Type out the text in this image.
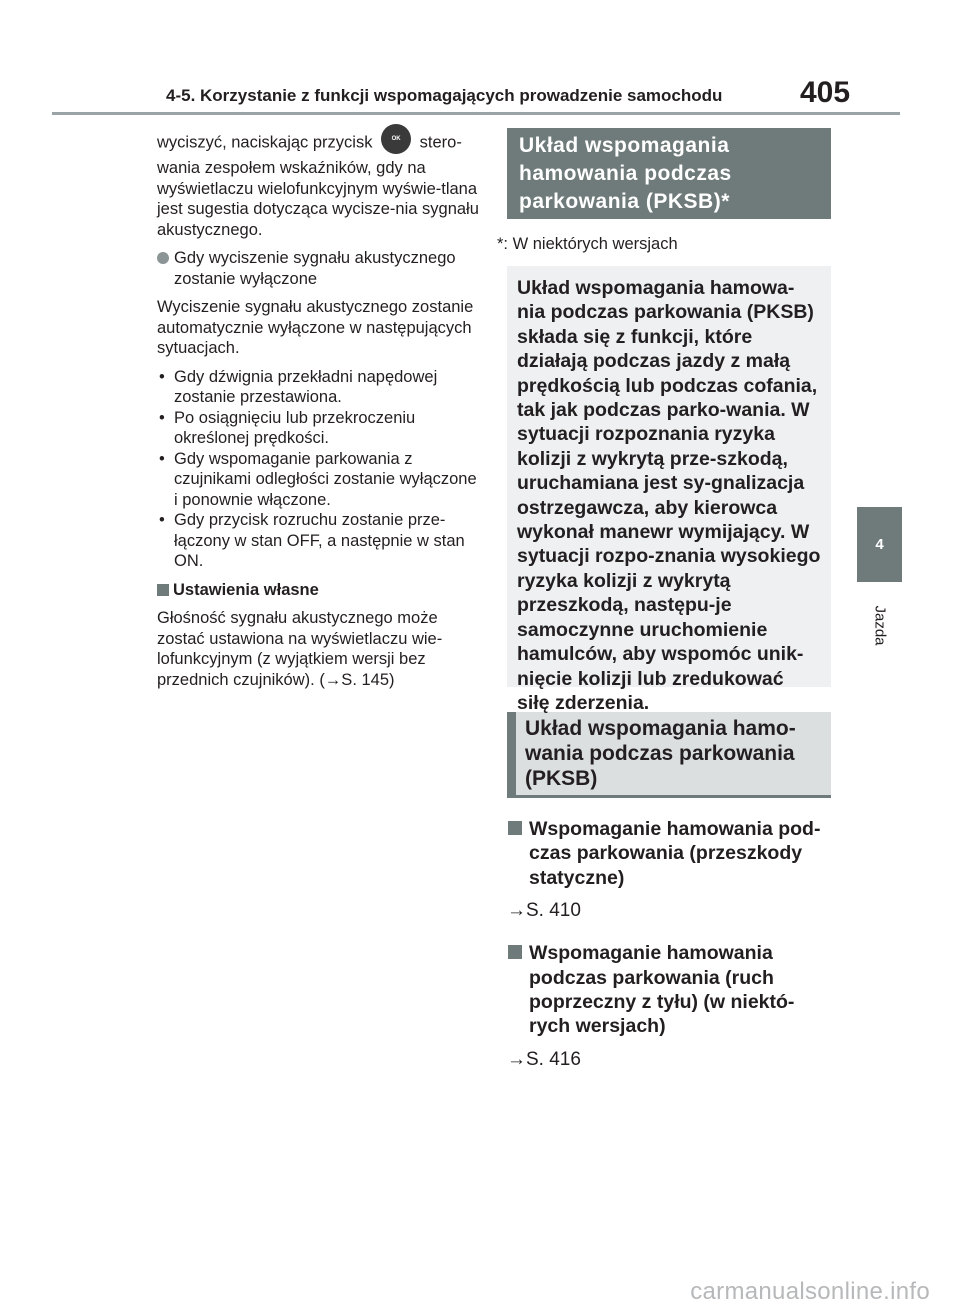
4-5. Korzystanie z funkcji wspomagających prowadzenie samochodu	405
4
Jazda

wyciszyć, naciskając przycisk	OK stero-wania zespołem wskaźników, gdy na wyświetlaczu wielofunkcyjnym wyświe-tlana jest sugestia dotycząca wycisze-nia sygnału akustycznego.

Gdy wyciszenie sygnału akustycznego zostanie wyłączone

Wyciszenie sygnału akustycznego zostanie automatycznie wyłączone w następujących sytuacjach.

• Gdy dźwignia przekładni napędowej zostanie przestawiona.
• Po osiągnięciu lub przekroczeniu określonej prędkości.
• Gdy wspomaganie parkowania z czujnikami odległości zostanie wyłączone i ponownie włączone.
• Gdy przycisk rozruchu zostanie prze-łączony w stan OFF, a następnie w stan ON.
Ustawienia własne

Głośność sygnału akustycznego może zostać ustawiona na wyświetlaczu wie-lofunkcyjnym (z wyjątkiem wersji bez przednich czujników). (→S. 145)

Układ wspomagania hamowania podczas parkowania (PKSB)*
*: W niektórych wersjach
Układ wspomagania hamowa-nia podczas parkowania (PKSB) składa się z funkcji, które działają podczas jazdy z małą prędkością lub podczas cofania, tak jak podczas parko-wania. W sytuacji rozpoznania ryzyka kolizji z wykrytą prze-szkodą, uruchamiana jest sy-gnalizacja ostrzegawcza, aby kierowca wykonał manewr wymijający. W sytuacji rozpo-znania wysokiego ryzyka kolizji z wykrytą przeszkodą, następu-je samoczynne uruchomienie hamulców, aby wspomóc unik-nięcie kolizji lub zredukować siłę zderzenia.
Układ wspomagania hamo-wania podczas parkowania (PKSB)
Wspomaganie hamowania pod-czas parkowania (przeszkody statyczne)
→S. 410
Wspomaganie hamowania podczas parkowania (ruch poprzeczny z tyłu) (w niektó-rych wersjach)
→S. 416
carmanualsonline.info
